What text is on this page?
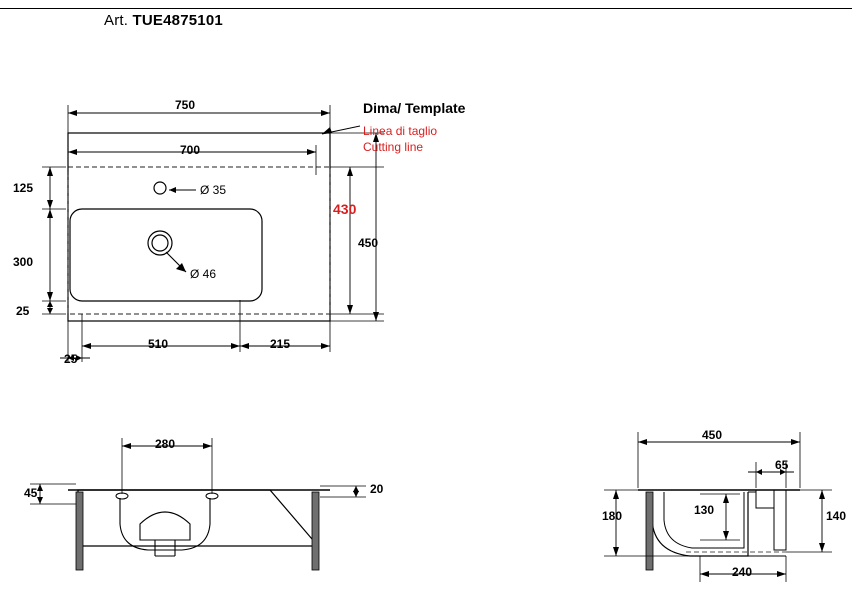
Art. TUE4875101
750
700
125
300
25
25
510	215
430
450
Ø 35
Ø 46
Dima/ Template
Linea di taglio
Cutting line
280
45	20
450
65
130
180	140
240
